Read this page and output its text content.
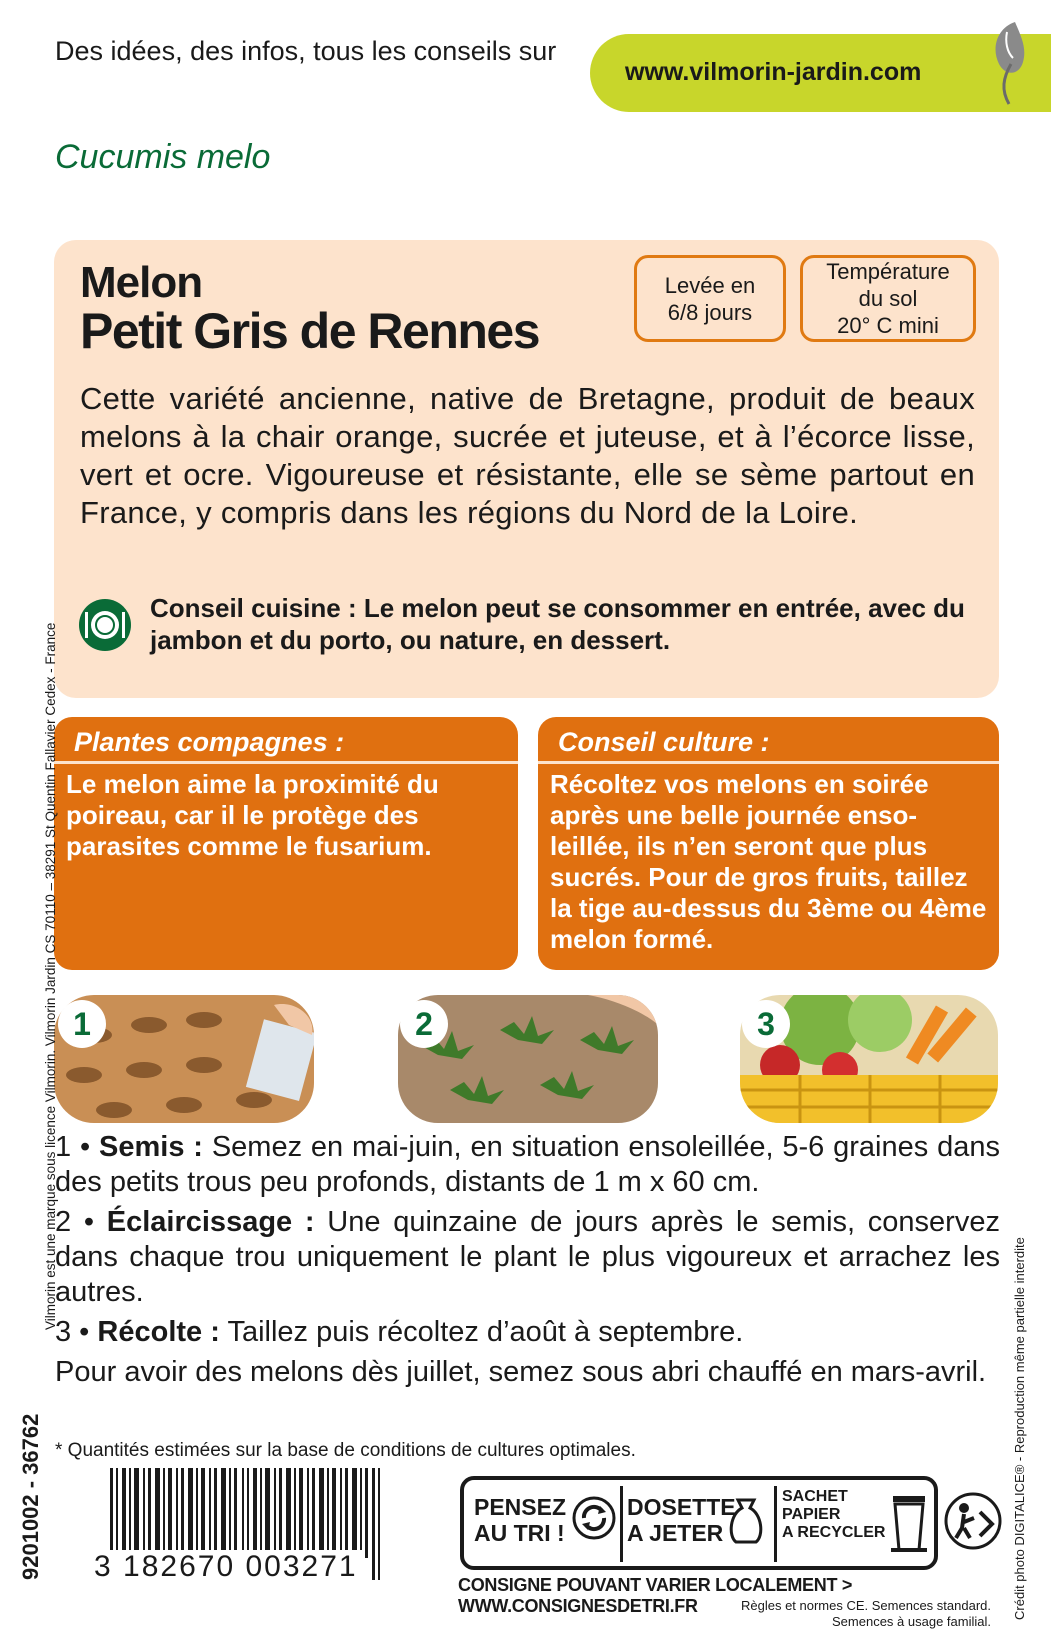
Des idées, des infos, tous les conseils sur
www.vilmorin-jardin.com
Cucumis melo
Melon
Petit Gris de Rennes
Levée en
6/8 jours
Température
du sol
20° C mini
Cette variété ancienne, native de Bretagne, produit de beaux melons à la chair orange, sucrée et juteuse, et à l’écorce lisse, vert et ocre. Vigoureuse et résistante, elle se sème partout en France, y compris dans les régions du Nord de la Loire.
Conseil cuisine : Le melon peut se consommer en entrée, avec du jambon et du porto, ou nature, en dessert.
Plantes compagnes :
Le melon aime la proximité du poireau, car il le protège des parasites comme le fusarium.
Conseil culture :
Récoltez vos melons en soirée après une belle journée enso-leillée, ils n’en seront que plus sucrés. Pour de gros fruits, taillez la tige au-dessus du 3ème ou 4ème melon formé.
1	2	3

1 • Semis : Semez en mai-juin, en situation ensoleillée, 5-6 graines dans des petits trous peu profonds, distants de 1 m x 60 cm.

2 • Éclaircissage : Une quinzaine de jours après le semis, conservez dans chaque trou uniquement le plant le plus vigoureux et arrachez les autres.

3 • Récolte : Taillez puis récoltez d’août à septembre.

Pour avoir des melons dès juillet, semez sous abri chauffé en mars-avril.

* Quantités estimées sur la base de conditions de cultures optimales.
Vilmorin est une marque sous licence Vilmorin. Vilmorin Jardin CS 70110 – 38291 St Quentin Fallavier Cedex - France
9201002 - 36762	Crédit photo DIGITALICE® - Reproduction même partielle interdite
3 182670 003271
PENSEZ
AU TRI !
DOSETTE
A JETER
SACHET
PAPIER
A RECYCLER
CONSIGNE POUVANT VARIER LOCALEMENT > WWW.CONSIGNESDETRI.FR	Règles et normes CE. Semences standard.
Semences à usage familial.
